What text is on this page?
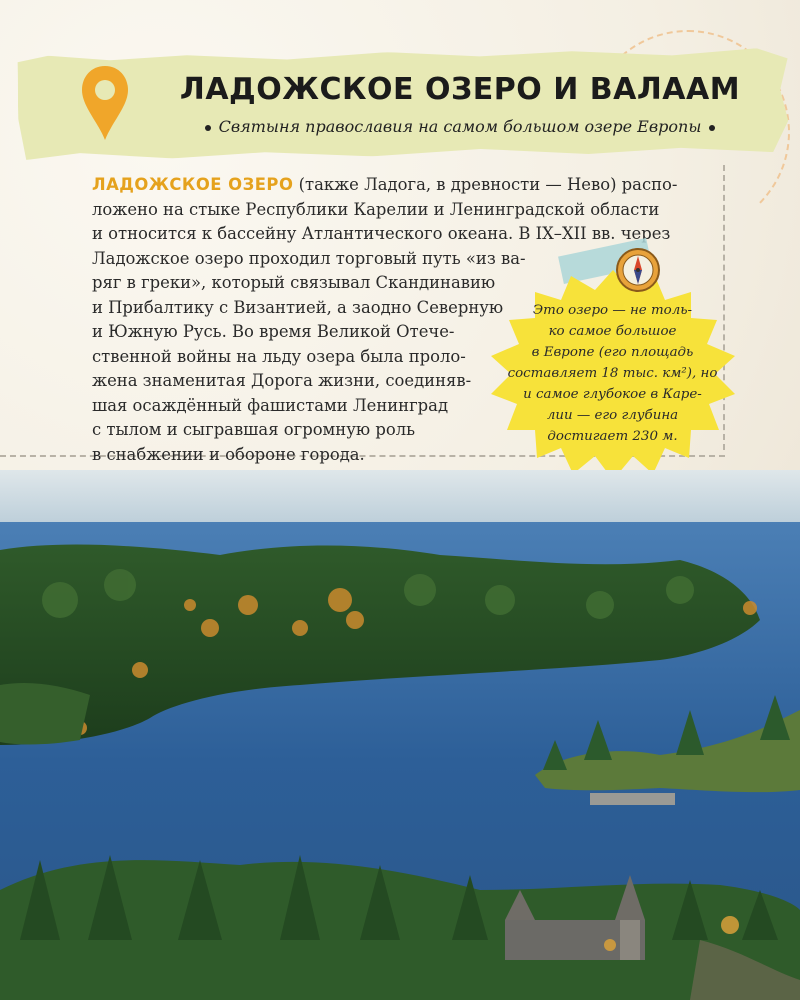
ЛАДОЖСКОЕ ОЗЕРО И ВАЛААМ
Святыня православия на самом большом озере Европы
ЛАДОЖСКОЕ ОЗЕРО (также Ладога, в древности — Нево) распо-
ложено на стыке Республики Карелии и Ленинградской области
и относится к бассейну Атлантического океана. В IX–XII вв. через
Ладожское озеро проходил торговый путь «из ва-
ряг в греки», который связывал Скандинавию
и Прибалтику с Византией, а заодно Северную
и Южную Русь. Во время Великой Отече-
ственной войны на льду озера была проло-
жена знаменитая Дорога жизни, соединяв-
шая осаждённый фашистами Ленинград
с тылом и сыгравшая огромную роль
в снабжении и обороне города.
Это озеро — не толь-
ко самое большое
в Европе (его площадь
составляет 18 тыс. км²), но
и самое глубокое в Каре-
лии — его глубина
достигает 230 м.
